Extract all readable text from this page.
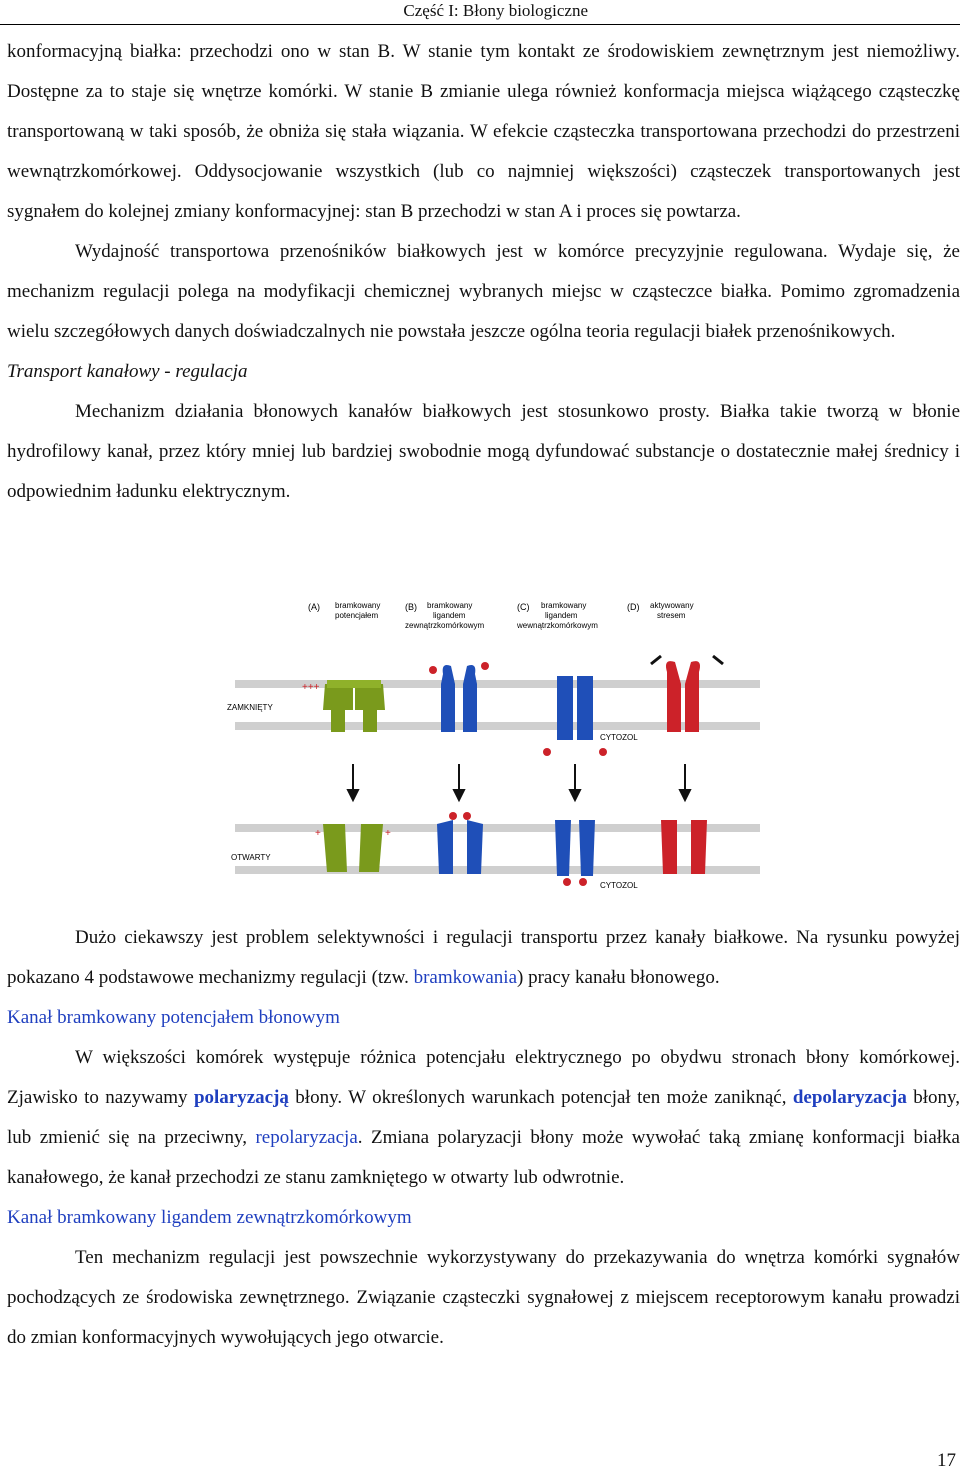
Część I: Błony biologiczne

konformacyjną białka: przechodzi ono w stan B. W stanie tym kontakt ze środowiskiem zewnętrznym jest niemożliwy. Dostępne za to staje się wnętrze komórki. W stanie B zmianie ulega również konformacja miejsca wiążącego cząsteczkę transportowaną w taki sposób, że obniża się stała wiązania. W efekcie cząsteczka transportowana przechodzi do przestrzeni wewnątrzkomórkowej. Oddysocjowanie wszystkich (lub co najmniej większości) cząsteczek transportowanych jest sygnałem do kolejnej zmiany konformacyjnej: stan B przechodzi w stan A i proces się powtarza.

Wydajność transportowa przenośników białkowych jest w komórce precyzyjnie regulowana. Wydaje się, że mechanizm regulacji polega na modyfikacji chemicznej wybranych miejsc w cząsteczce białka. Pomimo zgromadzenia wielu szczegółowych danych doświadczalnych nie powstała jeszcze ogólna teoria regulacji białek przenośnikowych.

Transport kanałowy - regulacja

Mechanizm działania błonowych kanałów białkowych jest stosunkowo prosty. Białka takie tworzą w błonie hydrofilowy kanał, przez który mniej lub bardziej swobodnie mogą dyfundować substancje o dostatecznie małej średnicy i odpowiednim ładunku elektrycznym.

(A) bramkowany
potencjałem
(B) bramkowany
ligandem
zewnątrzkomórkowym
(C) bramkowany
ligandem
wewnątrzkomórkowym
(D) aktywowany
stresem
ZAMKNIĘTY
OTWARTY
CYTOZOL
CYTOZOL
+++
+	+

Dużo ciekawszy jest problem selektywności i regulacji transportu przez kanały białkowe. Na rysunku powyżej pokazano 4 podstawowe mechanizmy regulacji (tzw. bramkowania) pracy kanału błonowego.

Kanał bramkowany potencjałem błonowym

W większości komórek występuje różnica potencjału elektrycznego po obydwu stronach błony komórkowej. Zjawisko to nazywamy polaryzacją błony. W określonych warunkach potencjał ten może zaniknąć, depolaryzacja błony, lub zmienić się na przeciwny, repolaryzacja. Zmiana polaryzacji błony może wywołać taką zmianę konformacji białka kanałowego, że kanał przechodzi ze stanu zamkniętego w otwarty lub odwrotnie.

Kanał bramkowany ligandem zewnątrzkomórkowym

Ten mechanizm regulacji jest powszechnie wykorzystywany do przekazywania do wnętrza komórki sygnałów pochodzących ze środowiska zewnętrznego. Związanie cząsteczki sygnałowej z miejscem receptorowym kanału prowadzi do zmian konformacyjnych wywołujących jego otwarcie.

17
